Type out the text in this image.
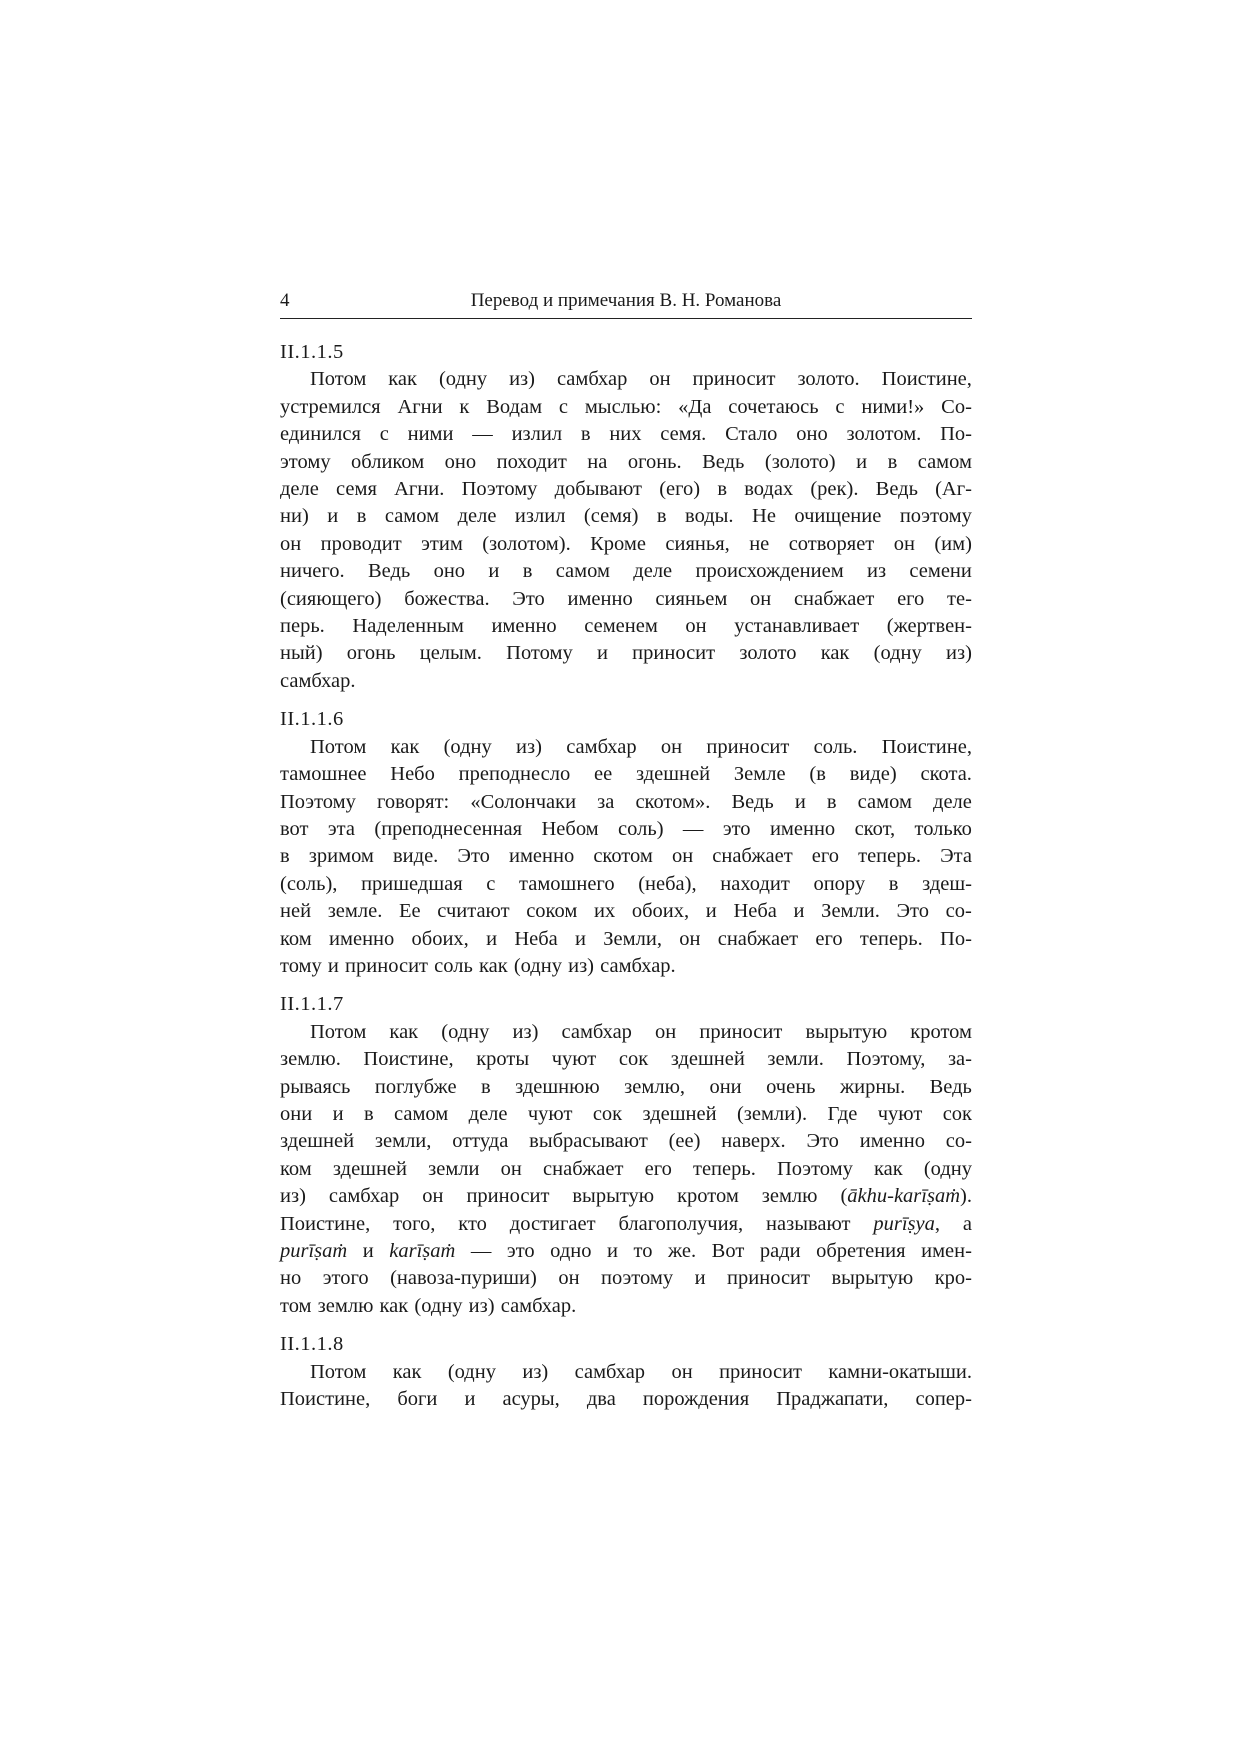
4	Перевод и примечания В. Н. Романова
II.1.1.5
Потом как (одну из) самбхар он приносит золото. Поистине,
устремился Агни к Водам с мыслью: «Да сочетаюсь с ними!» Со-
единился с ними — излил в них семя. Стало оно золотом. По-
этому обликом оно походит на огонь. Ведь (золото) и в самом
деле семя Агни. Поэтому добывают (его) в водах (рек). Ведь (Аг-
ни) и в самом деле излил (семя) в воды. Не очищение поэтому
он проводит этим (золотом). Кроме сиянья, не сотворяет он (им)
ничего. Ведь оно и в самом деле происхождением из семени
(сияющего) божества. Это именно сияньем он снабжает его те-
перь. Наделенным именно семенем он устанавливает (жертвен-
ный) огонь целым. Потому и приносит золото как (одну из)
самбхар.
II.1.1.6
Потом как (одну из) самбхар он приносит соль. Поистине,
тамошнее Небо преподнесло ее здешней Земле (в виде) скота.
Поэтому говорят: «Солончаки за скотом». Ведь и в самом деле
вот эта (преподнесенная Небом соль) — это именно скот, только
в зримом виде. Это именно скотом он снабжает его теперь. Эта
(соль), пришедшая с тамошнего (неба), находит опору в здеш-
ней земле. Ее считают соком их обоих, и Неба и Земли. Это со-
ком именно обоих, и Неба и Земли, он снабжает его теперь. По-
тому и приносит соль как (одну из) самбхар.
II.1.1.7
Потом как (одну из) самбхар он приносит вырытую кротом
землю. Поистине, кроты чуют сок здешней земли. Поэтому, за-
рываясь поглубже в здешнюю землю, они очень жирны. Ведь
они и в самом деле чуют сок здешней (земли). Где чуют сок
здешней земли, оттуда выбрасывают (ее) наверх. Это именно со-
ком здешней земли он снабжает его теперь. Поэтому как (одну
из) самбхар он приносит вырытую кротом землю (ākhu-karīṣaṁ).
Поистине, того, кто достигает благополучия, называют purīṣya, а
purīṣaṁ и karīṣaṁ — это одно и то же. Вот ради обретения имен-
но этого (навоза-пуриши) он поэтому и приносит вырытую кро-
том землю как (одну из) самбхар.
II.1.1.8
Потом как (одну из) самбхар он приносит камни-окатыши.
Поистине, боги и асуры, два порождения Праджапати, сопер-
